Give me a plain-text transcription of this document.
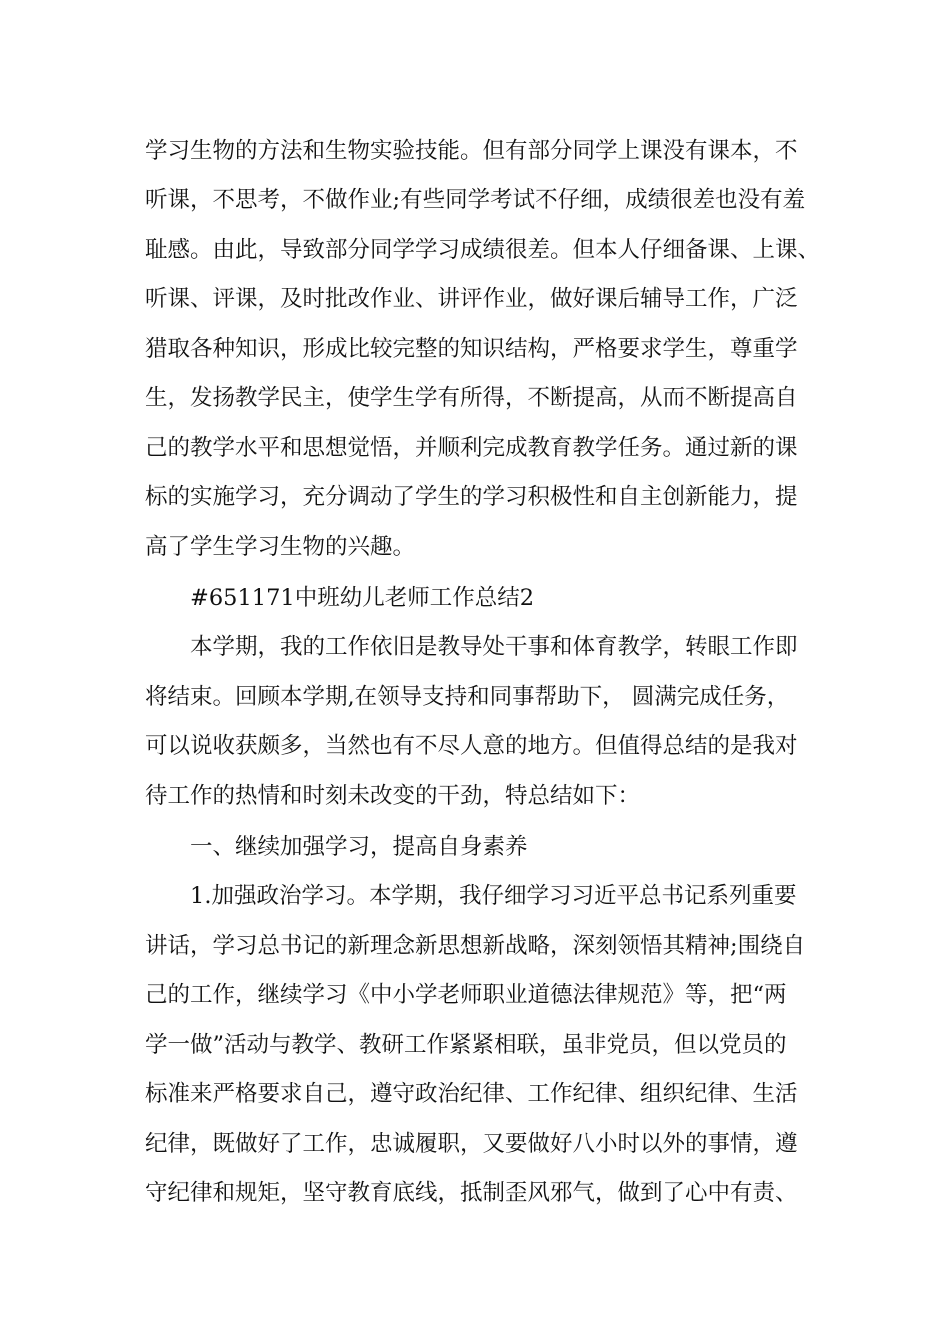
学习生物的方法和生物实验技能。但有部分同学上课没有课本，不
听课，不思考，不做作业;有些同学考试不仔细，成绩很差也没有羞
耻感。由此，导致部分同学学习成绩很差。但本人仔细备课、上课、
听课、评课，及时批改作业、讲评作业，做好课后辅导工作，广泛
猎取各种知识，形成比较完整的知识结构，严格要求学生，尊重学
生，发扬教学民主，使学生学有所得，不断提高，从而不断提高自
己的教学水平和思想觉悟，并顺利完成教育教学任务。通过新的课
标的实施学习，充分调动了学生的学习积极性和自主创新能力，提
高了学生学习生物的兴趣。
#651171中班幼儿老师工作总结2
本学期，我的工作依旧是教导处干事和体育教学，转眼工作即
将结束。回顾本学期,在领导支持和同事帮助下， 圆满完成任务，
可以说收获颇多，当然也有不尽人意的地方。但值得总结的是我对
待工作的热情和时刻未改变的干劲，特总结如下：
一、继续加强学习，提高自身素养
1.加强政治学习。本学期，我仔细学习习近平总书记系列重要
讲话，学习总书记的新理念新思想新战略，深刻领悟其精神;围绕自
己的工作，继续学习《中小学老师职业道德法律规范》等，把“两
学一做”活动与教学、教研工作紧紧相联，虽非党员，但以党员的
标准来严格要求自己，遵守政治纪律、工作纪律、组织纪律、生活
纪律，既做好了工作，忠诚履职，又要做好八小时以外的事情，遵
守纪律和规矩，坚守教育底线，抵制歪风邪气，做到了心中有责、
